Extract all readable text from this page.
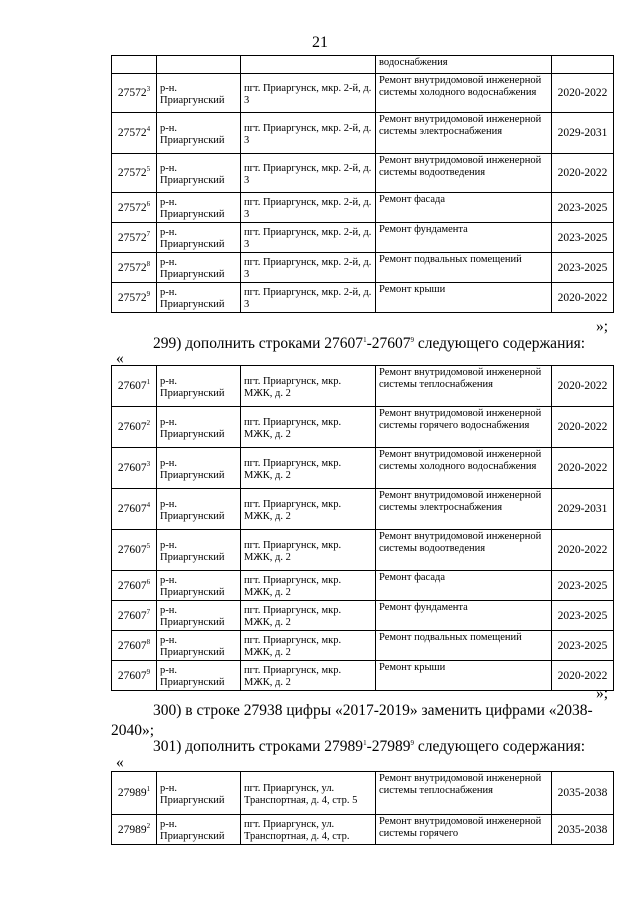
21
			водоснабжения	
27572$^3$	р-н. Приаргунский	пгт. Приаргунск, мкр. 2-й, д. 3	Ремонт внутридомовой инженерной системы холодного водоснабжения	2020-2022
27572$^4$	р-н. Приаргунский	пгт. Приаргунск, мкр. 2-й, д. 3	Ремонт внутридомовой инженерной системы электроснабжения	2029-2031
27572$^5$	р-н. Приаргунский	пгт. Приаргунск, мкр. 2-й, д. 3	Ремонт внутридомовой инженерной системы водоотведения	2020-2022
27572$^6$	р-н. Приаргунский	пгт. Приаргунск, мкр. 2-й, д. 3	Ремонт фасада	2023-2025
27572$^7$	р-н. Приаргунский	пгт. Приаргунск, мкр. 2-й, д. 3	Ремонт фундамента	2023-2025
27572$^8$	р-н. Приаргунский	пгт. Приаргунск, мкр. 2-й, д. 3	Ремонт подвальных помещений	2023-2025
27572$^9$	р-н. Приаргунский	пгт. Приаргунск, мкр. 2-й, д. 3	Ремонт крыши	2020-2022
»;
299) дополнить строками 27607$^1$-27607$^9$ следующего содержания:
«
27607$^1$	р-н. Приаргунский	пгт. Приаргунск, мкр. МЖК, д. 2	Ремонт внутридомовой инженерной системы теплоснабжения	2020-2022
27607$^2$	р-н. Приаргунский	пгт. Приаргунск, мкр. МЖК, д. 2	Ремонт внутридомовой инженерной системы горячего водоснабжения	2020-2022
27607$^3$	р-н. Приаргунский	пгт. Приаргунск, мкр. МЖК, д. 2	Ремонт внутридомовой инженерной системы холодного водоснабжения	2020-2022
27607$^4$	р-н. Приаргунский	пгт. Приаргунск, мкр. МЖК, д. 2	Ремонт внутридомовой инженерной системы электроснабжения	2029-2031
27607$^5$	р-н. Приаргунский	пгт. Приаргунск, мкр. МЖК, д. 2	Ремонт внутридомовой инженерной системы водоотведения	2020-2022
27607$^6$	р-н. Приаргунский	пгт. Приаргунск, мкр. МЖК, д. 2	Ремонт фасада	2023-2025
27607$^7$	р-н. Приаргунский	пгт. Приаргунск, мкр. МЖК, д. 2	Ремонт фундамента	2023-2025
27607$^8$	р-н. Приаргунский	пгт. Приаргунск, мкр. МЖК, д. 2	Ремонт подвальных помещений	2023-2025
27607$^9$	р-н. Приаргунский	пгт. Приаргунск, мкр. МЖК, д. 2	Ремонт крыши	2020-2022
»;
300) в строке 27938 цифры «2017-2019» заменить цифрами «2038-
2040»;
301) дополнить строками 27989$^1$-27989$^9$ следующего содержания:
«
27989$^1$	р-н. Приаргунский	пгт. Приаргунск, ул. Транспортная, д. 4, стр. 5	Ремонт внутридомовой инженерной системы теплоснабжения	2035-2038
27989$^2$	р-н. Приаргунский	пгт. Приаргунск, ул. Транспортная, д. 4, стр.	Ремонт внутридомовой инженерной системы горячего	2035-2038
